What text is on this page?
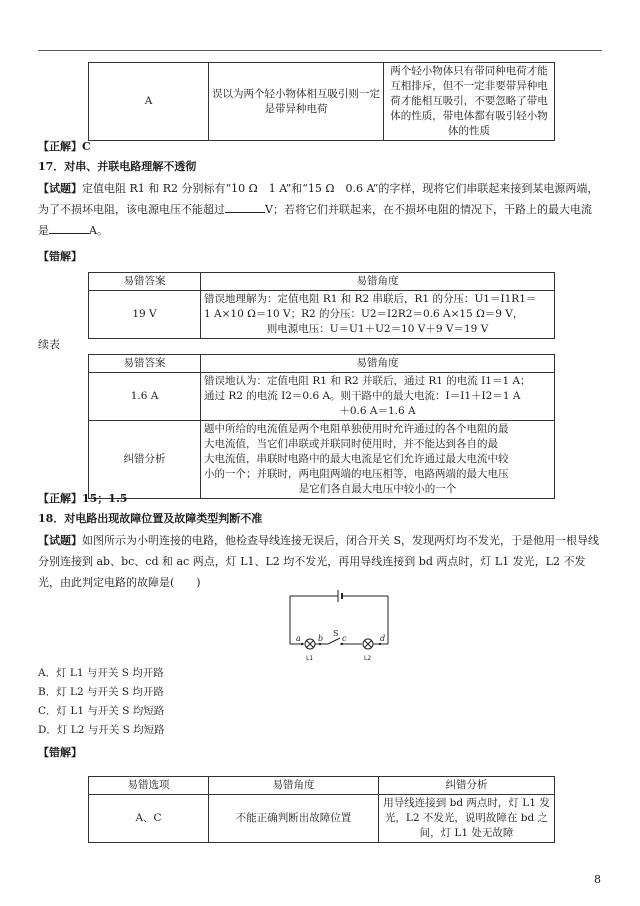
A	误以为两个轻小物体相互吸引则一定是带异种电荷	两个轻小物体只有带同种电荷才能互相排斥，但不一定非要带异种电荷才能相互吸引，不要忽略了带电体的性质，带电体都有吸引轻小物体的性质
【正解】C
17．对串、并联电路理解不透彻
【试题】定值电阻 R1 和 R2 分别标有“10 Ω　1 A”和“15 Ω　0.6 A”的字样，现将它们串联起来接到某电源两端，为了不损坏电阻，该电源电压不能超过	V；若将它们并联起来，在不损坏电阻的情况下，干路上的最大电流是	A。
【错解】
易错答案	易错角度
19 V	错误地理解为：定值电阻 R1 和 R2 串联后，R1 的分压：U1＝I1R1＝
1 A×10 Ω＝10 V；R2 的分压：U2＝I2R2＝0.6 A×15 Ω＝9 V，
则电源电压：U＝U1＋U2＝10 V＋9 V＝19 V
续表
易错答案	易错角度
1.6 A	错误地认为：定值电阻 R1 和 R2 并联后，通过 R1 的电流 I1＝1 A；
通过 R2 的电流 I2＝0.6 A。则干路中的最大电流：I＝I1＋I2＝1 A
＋0.6 A＝1.6 A

纠错分析	题中所给的电流值是两个电阻单独使用时允许通过的各个电阻的最
大电流值，当它们串联或并联同时使用时，并不能达到各自的最
大电流值，串联时电路中的最大电流是它们允许通过最大电流中较
小的一个；并联时，两电阻两端的电压相等，电路两端的最大电压
是它们各自最大电压中较小的一个
【正解】15；1.5
18．对电路出现故障位置及故障类型判断不准
【试题】如图所示为小明连接的电路，他检查导线连接无误后，闭合开关 S，发现两灯均不发光，于是他用一根导线分别连接到 ab、bc、cd 和 ac 两点，灯 L1、L2 均不发光，再用导线连接到 bd 两点时，灯 L1 发光，L2 不发光，由此判定电路的故障是(　　)
a b
S
c	d
L1	L2
A．灯 L1 与开关 S 均开路
B．灯 L2 与开关 S 均开路
C．灯 L1 与开关 S 均短路
D．灯 L2 与开关 S 均短路
【错解】
易错选项	易错角度	纠错分析
A、C	不能正确判断出故障位置	用导线连接到 bd 两点时，灯 L1 发
光，L2 不发光，说明故障在 bd 之
间，灯 L1 处无故障
8
